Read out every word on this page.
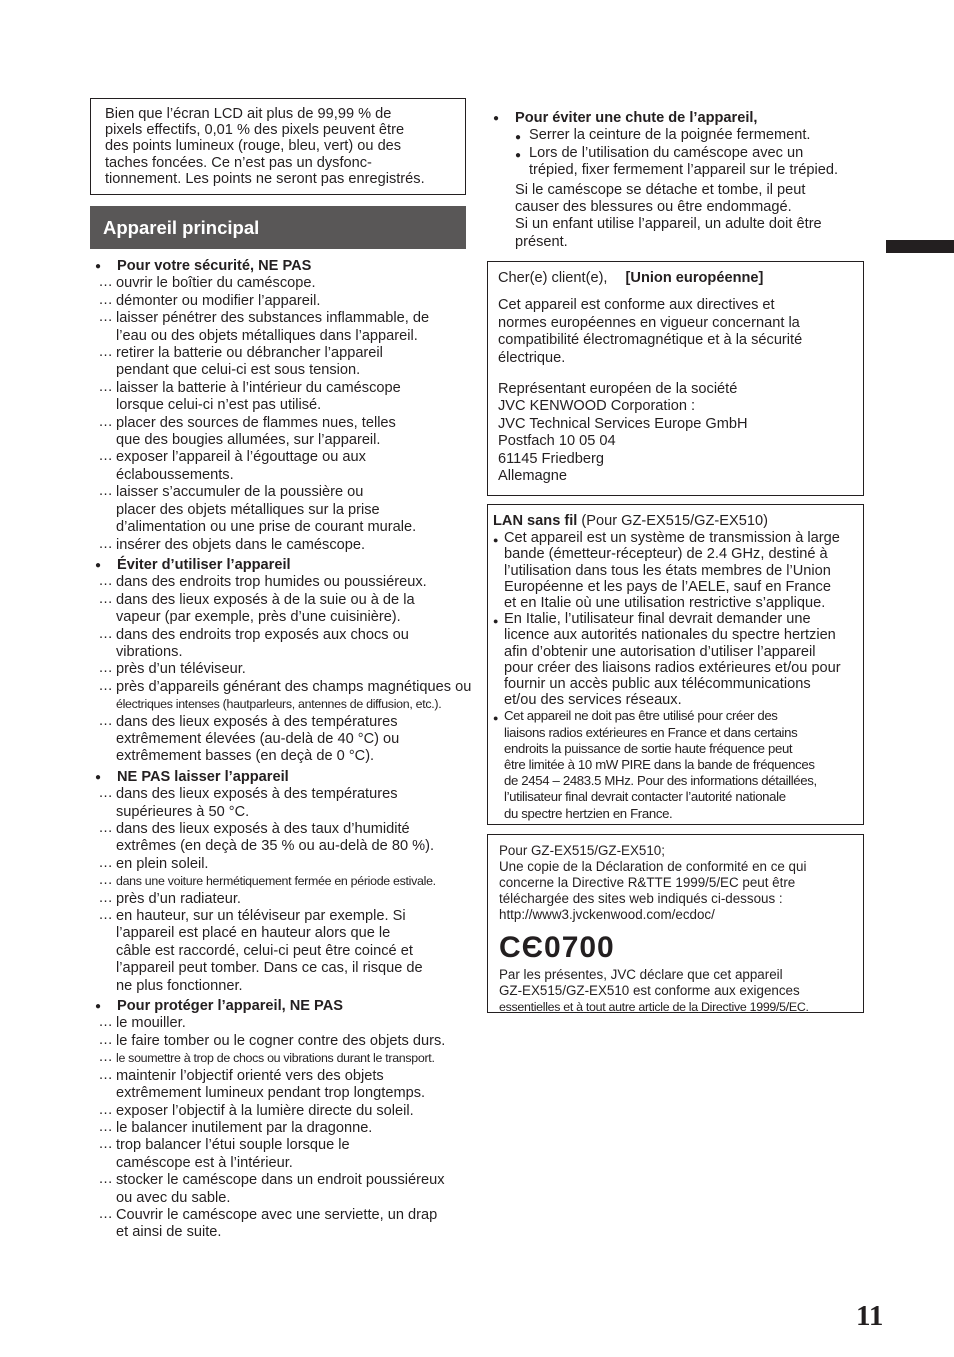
Bien que l’écran LCD ait plus de 99,99 % de
pixels effectifs, 0,01 % des pixels peuvent être
des points lumineux (rouge, bleu, vert) ou des
taches foncées. Ce n’est pas un dysfonc-
tionnement. Les points ne seront pas enregistrés.
Appareil principal
● Pour votre sécurité, NE PAS
... ouvrir le boîtier du caméscope.
... démonter ou modifier l’appareil.
... laisser pénétrer des substances inflammable, de
l’eau ou des objets métalliques dans l’appareil.
... retirer la batterie ou débrancher l’appareil
pendant que celui-ci est sous tension.
... laisser la batterie à l’intérieur du caméscope
lorsque celui-ci n’est pas utilisé.
... placer des sources de flammes nues, telles
que des bougies allumées, sur l’appareil.
... exposer l’appareil à l’égouttage ou aux
éclaboussements.
... laisser s’accumuler de la poussière ou
placer des objets métalliques sur la prise
d’alimentation ou une prise de courant murale.
... insérer des objets dans le caméscope.
● Éviter d’utiliser l’appareil
... dans des endroits trop humides ou poussiéreux.
... dans des lieux exposés à de la suie ou à de la
vapeur (par exemple, près d’une cuisinière).
... dans des endroits trop exposés aux chocs ou
vibrations.
... près d’un téléviseur.
... près d’appareils générant des champs magnétiques ou
électriques intenses (hautparleurs, antennes de diffusion, etc.).
... dans des lieux exposés à des températures
extrêmement élevées (au-delà de 40 °C) ou
extrêmement basses (en deçà de 0 °C).
● NE PAS laisser l’appareil
... dans des lieux exposés à des températures
supérieures à 50 °C.
... dans des lieux exposés à des taux d’humidité
extrêmes (en deçà de 35 % ou au-delà de 80 %).
... en plein soleil.
... dans une voiture hermétiquement fermée en période estivale.
... près d’un radiateur.
... en hauteur, sur un téléviseur par exemple. Si
l’appareil est placé en hauteur alors que le
câble est raccordé, celui-ci peut être coincé et
l’appareil peut tomber. Dans ce cas, il risque de
ne plus fonctionner.
● Pour protéger l’appareil, NE PAS
... le mouiller.
... le faire tomber ou le cogner contre des objets durs.
... le soumettre à trop de chocs ou vibrations durant le transport.
... maintenir l’objectif orienté vers des objets
extrêmement lumineux pendant trop longtemps.
... exposer l’objectif à la lumière directe du soleil.
... le balancer inutilement par la dragonne.
... trop balancer l’étui souple lorsque le
caméscope est à l’intérieur.
... stocker le caméscope dans un endroit poussiéreux
ou avec du sable.
... Couvrir le caméscope avec une serviette, un drap
et ainsi de suite.
● Pour éviter une chute de l’appareil,
● Serrer la ceinture de la poignée fermement.
● Lors de l’utilisation du caméscope avec un
trépied, fixer fermement l’appareil sur le trépied.
Si le caméscope se détache et tombe, il peut
causer des blessures ou être endommagé.
Si un enfant utilise l’appareil, un adulte doit être
présent.
Cher(e) client(e), [Union européenne]
Cet appareil est conforme aux directives et
normes européennes en vigueur concernant la
compatibilité électromagnétique et à la sécurité
électrique.
Représentant européen de la société
JVC KENWOOD Corporation :
JVC Technical Services Europe GmbH
Postfach 10 05 04
61145 Friedberg
Allemagne
LAN sans fil (Pour GZ-EX515/GZ-EX510)
● Cet appareil est un système de transmission à large
bande (émetteur-récepteur) de 2.4 GHz, destiné à
l’utilisation dans tous les états membres de l’Union
Européenne et les pays de l’AELE, sauf en France
et en Italie où une utilisation restrictive s’applique.
● En Italie, l’utilisateur final devrait demander une
licence aux autorités nationales du spectre hertzien
afin d’obtenir une autorisation d’utiliser l’appareil
pour créer des liaisons radios extérieures et/ou pour
fournir un accès public aux télécommunications
et/ou des services réseaux.
● Cet appareil ne doit pas être utilisé pour créer des
liaisons radios extérieures en France et dans certains
endroits la puissance de sortie haute fréquence peut
être limitée à 10 mW PIRE dans la bande de fréquences
de 2454 – 2483.5 MHz. Pour des informations détaillées,
l’utilisateur final devrait contacter l’autorité nationale
du spectre hertzien en France.
Pour GZ-EX515/GZ-EX510;
Une copie de la Déclaration de conformité en ce qui
concerne la Directive R&TTE 1999/5/EC peut être
téléchargée des sites web indiqués ci-dessous :
http://www3.jvckenwood.com/ecdoc/
CЄ0700
Par les présentes, JVC déclare que cet appareil
GZ-EX515/GZ-EX510 est conforme aux exigences
essentielles et à tout autre article de la Directive 1999/5/EC.
11
